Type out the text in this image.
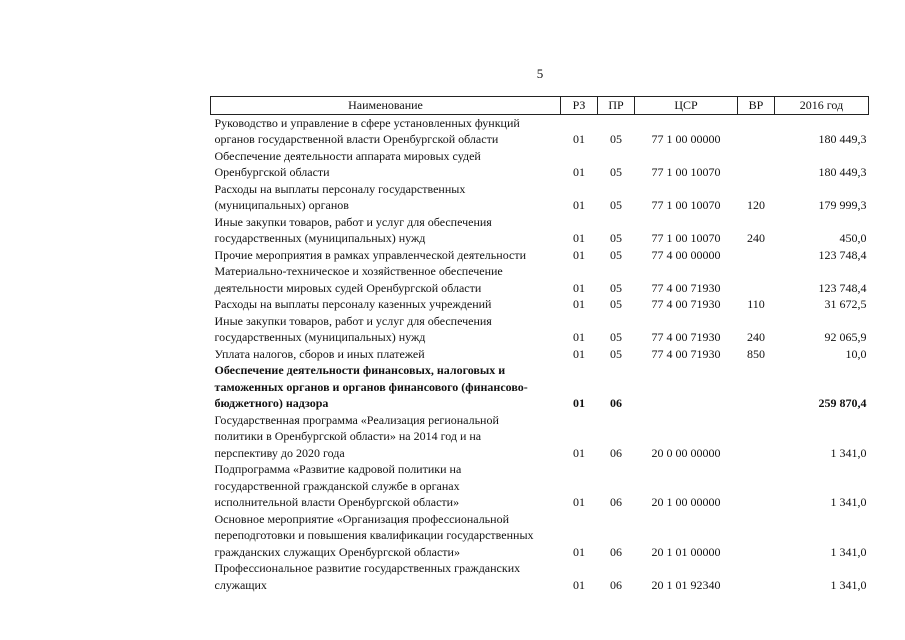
5
Наименование	РЗ	ПР	ЦСР	ВР	2016 год

Руководство и управление в сфере установленных функций
органов государственной власти Оренбургской области	01	05	77 1 00 00000		180 449,3

Обеспечение деятельности аппарата мировых судей
Оренбургской области	01	05	77 1 00 10070		180 449,3

Расходы на выплаты персоналу государственных
(муниципальных) органов	01	05	77 1 00 10070	120	179 999,3

Иные закупки товаров, работ и услуг для обеспечения
государственных (муниципальных) нужд	01	05	77 1 00 10070	240	450,0

Прочие мероприятия в рамках управленческой деятельности	01	05	77 4 00 00000		123 748,4

Материально-техническое и хозяйственное обеспечение
деятельности мировых судей Оренбургской области	01	05	77 4 00 71930		123 748,4

Расходы на выплаты персоналу казенных учреждений	01	05	77 4 00 71930	110	31 672,5

Иные закупки товаров, работ и услуг для обеспечения
государственных (муниципальных) нужд	01	05	77 4 00 71930	240	92 065,9

Уплата налогов, сборов и иных платежей	01	05	77 4 00 71930	850	10,0

Обеспечение деятельности финансовых, налоговых и
таможенных органов и органов финансового (финансово-
бюджетного) надзора	01	06			259 870,4

Государственная программа «Реализация региональной
политики в Оренбургской области» на 2014 год и на
перспективу до 2020 года	01	06	20 0 00 00000		1 341,0

Подпрограмма «Развитие кадровой политики на
государственной гражданской службе в органах
исполнительной власти Оренбургской области»	01	06	20 1 00 00000		1 341,0

Основное мероприятие «Организация профессиональной
переподготовки и повышения квалификации государственных
гражданских служащих Оренбургской области»	01	06	20 1 01 00000		1 341,0

Профессиональное развитие государственных гражданских
служащих	01	06	20 1 01 92340		1 341,0
